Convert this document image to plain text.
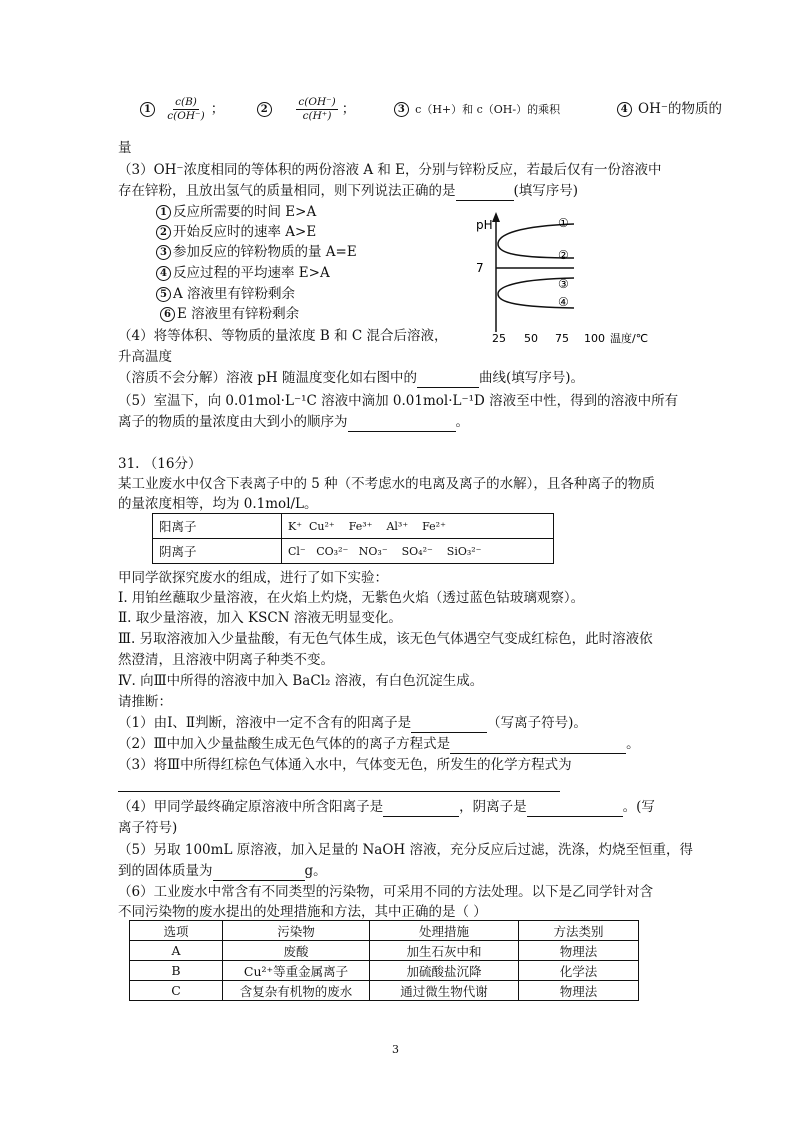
$1 \frac{c(B)}{c(OH^-)}$ ；	2	$\frac{c(OH^-)}{c(H^+)}$ ；	3 c（H+）和 c（OH-）的乘积	4 OH⁻的物质的
量
（3）OH⁻浓度相同的等体积的两份溶液 A 和 E，分别与锌粉反应，若最后仅有一份溶液中
存在锌粉，且放出氢气的质量相同，则下列说法正确的是	(填写序号)
1 反应所需要的时间 E>A
2 开始反应时的速率 A>E
3 参加反应的锌粉物质的量 A=E
4 反应过程的平均速率 E>A
5 A 溶液里有锌粉剩余
6 E 溶液里有锌粉剩余
（4）将等体积、等物质的量浓度 B 和 C 混合后溶液，
升高温度
（溶质不会分解）溶液 pH 随温度变化如右图中的	曲线(填写序号)。
pH
7
①
②
③
④
25 50 75 100 温度/℃
（5）室温下，向 0.01mol·L⁻¹C 溶液中滴加 0.01mol·L⁻¹D 溶液至中性，得到的溶液中所有
离子的物质的量浓度由大到小的顺序为	。
31. （16分）
某工业废水中仅含下表离子中的 5 种（不考虑水的电离及离子的水解），且各种离子的物质
的量浓度相等，均为 0.1mol/L。
阳离子	K⁺  Cu²⁺    Fe³⁺    Al³⁺    Fe²⁺
阴离子	Cl⁻   CO₃²⁻   NO₃⁻    SO₄²⁻    SiO₃²⁻
甲同学欲探究废水的组成，进行了如下实验：
Ⅰ. 用铂丝蘸取少量溶液，在火焰上灼烧，无紫色火焰（透过蓝色钴玻璃观察）。
Ⅱ. 取少量溶液，加入 KSCN 溶液无明显变化。
Ⅲ. 另取溶液加入少量盐酸，有无色气体生成，该无色气体遇空气变成红棕色，此时溶液依
然澄清，且溶液中阴离子种类不变。
Ⅳ. 向Ⅲ中所得的溶液中加入 BaCl₂ 溶液，有白色沉淀生成。
请推断：
（1）由Ⅰ、Ⅱ判断，溶液中一定不含有的阳离子是	（写离子符号)。
（2）Ⅲ中加入少量盐酸生成无色气体的的离子方程式是	。
（3）将Ⅲ中所得红棕色气体通入水中，气体变无色，所发生的化学方程式为
（4）甲同学最终确定原溶液中所含阳离子是	，阴离子是	。(写
离子符号)
（5）另取 100mL 原溶液，加入足量的 NaOH 溶液，充分反应后过滤，洗涤，灼烧至恒重，得
到的固体质量为	g。
（6）工业废水中常含有不同类型的污染物，可采用不同的方法处理。以下是乙同学针对含
不同污染物的废水提出的处理措施和方法，其中正确的是（ ）
选项	污染物	处理措施	方法类别
A	废酸	加生石灰中和	物理法
B	Cu²⁺等重金属离子	加硫酸盐沉降	化学法
C	含复杂有机物的废水	通过微生物代谢	物理法
3
